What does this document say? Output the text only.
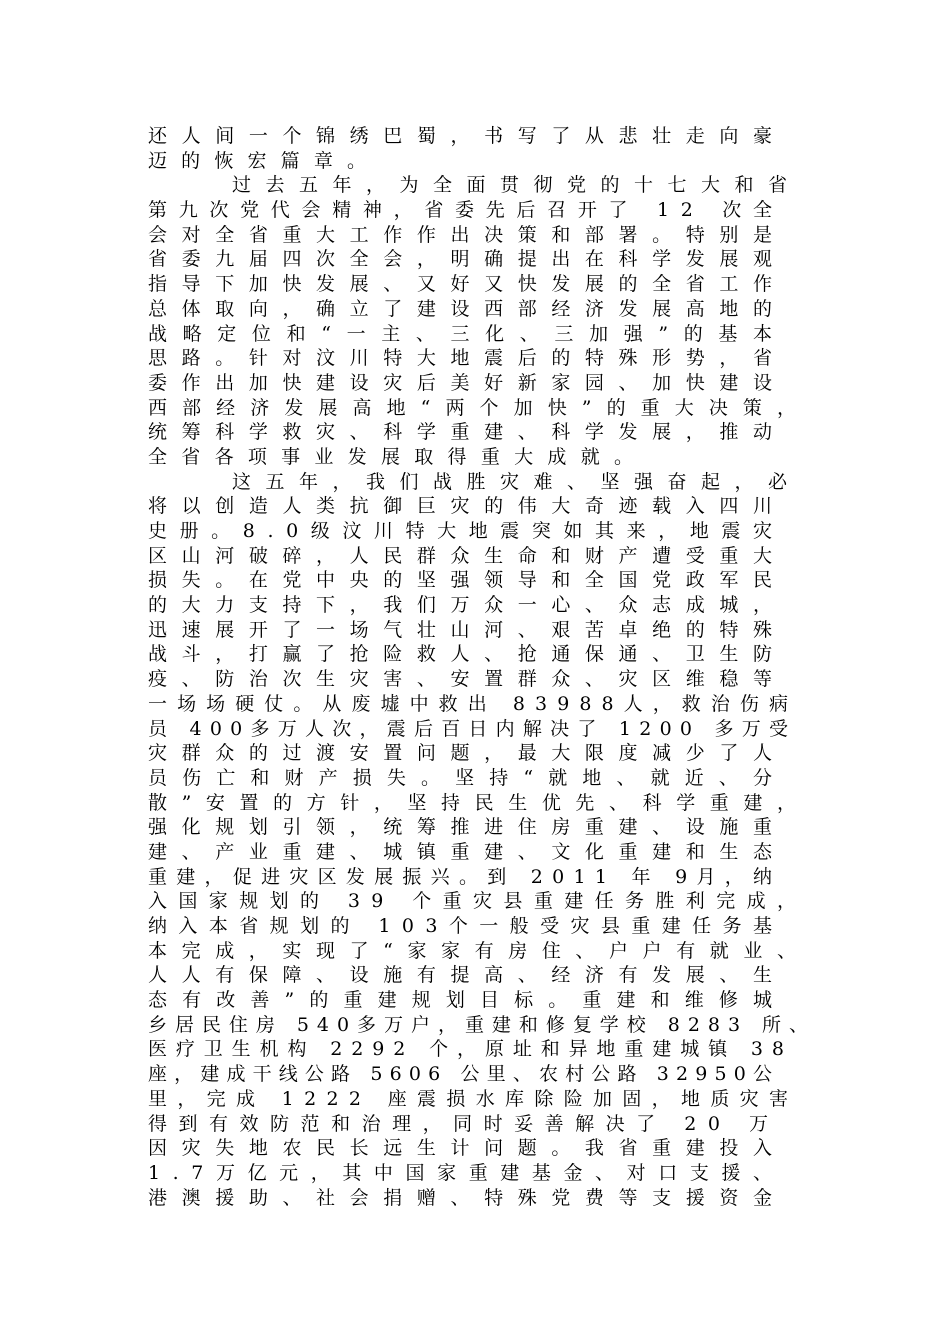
还人间一个锦绣巴蜀，书写了从悲壮走向豪
迈的恢宏篇章。
过去五年，为全面贯彻党的十七大和省
第九次党代会精神，省委先后召开了 12 次全
会对全省重大工作作出决策和部署。特别是
省委九届四次全会，明确提出在科学发展观
指导下加快发展、又好又快发展的全省工作
总体取向，确立了建设西部经济发展高地的
战略定位和“一主、三化、三加强”的基本
思路。针对汶川特大地震后的特殊形势，省
委作出加快建设灾后美好新家园、加快建设
西部经济发展高地“两个加快”的重大决策，
统筹科学救灾、科学重建、科学发展，推动
全省各项事业发展取得重大成就。
这五年，我们战胜灾难、坚强奋起，必
将以创造人类抗御巨灾的伟大奇迹载入四川
史册。8.0级汶川特大地震突如其来，地震灾
区山河破碎，人民群众生命和财产遭受重大
损失。在党中央的坚强领导和全国党政军民
的大力支持下，我们万众一心、众志成城，
迅速展开了一场气壮山河、艰苦卓绝的特殊
战斗，打赢了抢险救人、抢通保通、卫生防
疫、防治次生灾害、安置群众、灾区维稳等
一场场硬仗。从废墟中救出 83988人，救治伤病
员 400多万人次，震后百日内解决了 1200 多万受
灾群众的过渡安置问题，最大限度减少了人
员伤亡和财产损失。坚持“就地、就近、分
散”安置的方针，坚持民生优先、科学重建，
强化规划引领，统筹推进住房重建、设施重
建、产业重建、城镇重建、文化重建和生态
重建，促进灾区发展振兴。到 2011 年 9月，纳
入国家规划的 39 个重灾县重建任务胜利完成，
纳入本省规划的 103个一般受灾县重建任务基
本完成，实现了“家家有房住、户户有就业、
人人有保障、设施有提高、经济有发展、生
态有改善”的重建规划目标。重建和维修城
乡居民住房 540多万户，重建和修复学校 8283 所、
医疗卫生机构 2292 个，原址和异地重建城镇 38
座，建成干线公路 5606 公里、农村公路 32950公
里，完成 1222 座震损水库除险加固，地质灾害
得到有效防范和治理，同时妥善解决了 20 万
因灾失地农民长远生计问题。我省重建投入
1.7万亿元，其中国家重建基金、对口支援、
港澳援助、社会捐赠、特殊党费等支援资金
